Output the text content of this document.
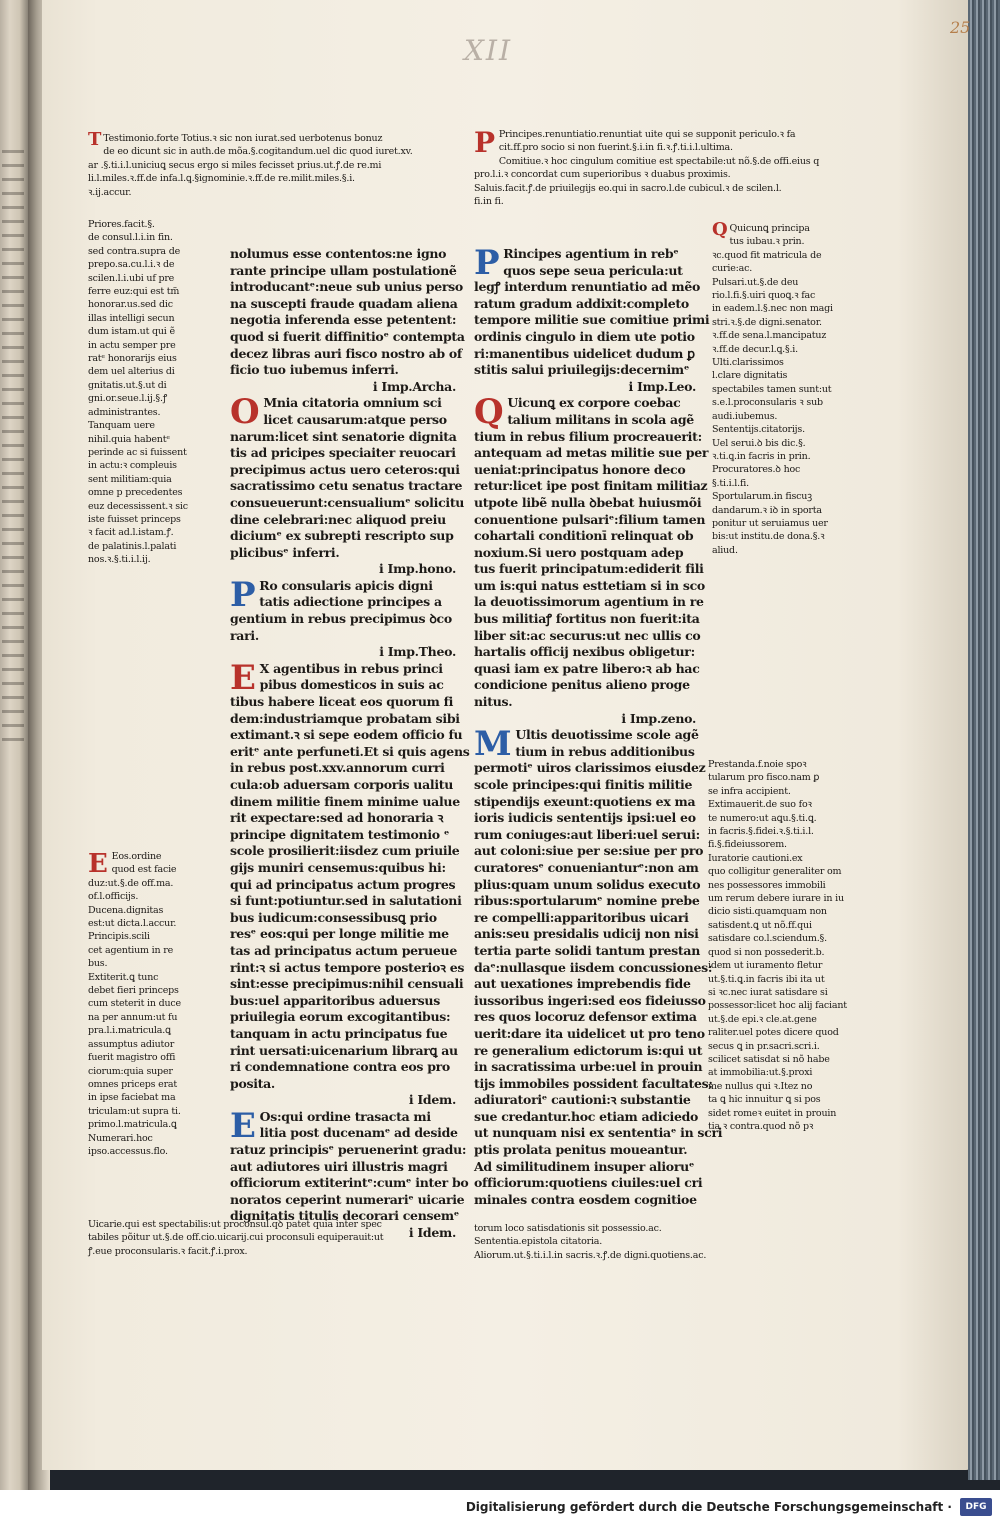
XII
T Testimonio.forte Totius.ꝛ sic non iurat.sed uerbotenus bonuz

de eo dicunt sic in auth.de mõa.§.cogitandum.uel dic quod iuret.xv.

ar .§.ti.i.l.uniciuꝗ secus ergo si miles fecisset prius.ut.ꝭ.de re.mi

li.l.miles.ꝛ.ff.de infa.l.ꝗ.§ignominie.ꝛ.ff.de re.milit.miles.§.i.

ꝛ.ij.accur.

P Principes.renuntiatio.renuntiat uite qui se supponit periculo.ꝛ fa

cit.ff.pro socio si non fuerint.§.i.in fi.ꝛ.ꝭ.ti.i.l.ultima.

Comitiue.ꝛ hoc cingulum comitiue est spectabile:ut nõ.§.de offi.eius q

pro.l.i.ꝛ concordat cum superioribus ꝛ duabus proximis.

Saluis.facit.ꝭ.de priuilegijs eo.qui in sacro.l.de cubicul.ꝛ de scilen.l.

fi.in fi.

Priores.facit.§.

de consul.l.i.in fin.

sed contra.supra de

prepo.sa.cu.l.i.ꝛ de

scilen.l.i.ubi uf pre

ferre euz:qui est tm̃

honorar.us.sed dic

illas intelligi secun

dum istam.ut qui ẽ

in actu semper pre

ratᵉ honorarijs eius

dem uel alterius di

gnitatis.ut.§.ut di

gni.or.seue.l.ij.§.ꝭ

administrantes.

Tanquam uere

nihil.quia habentᵉ

perinde ac si fuissent

in actu:ꝛ compleuis

sent militiam:quia

omne p precedentes

euz decessissent.ꝛ sic

iste fuisset princeps

ꝛ facit ad.l.istam.ꝭ.

de palatinis.l.palati

nos.ꝛ.§.ti.i.l.ij.

E Eos.ordine

quod est facie

duz:ut.§.de off.ma.

of.l.officijs.

Ducena.dignitas

est:ut dicta.l.accur.

Principis.scili

cet agentium in re

bus.

Extiterit.ꝗ tunc

debet fieri princeps

cum steterit in duce

na per annum:ut fu

pra.l.i.matricula.ꝗ

assumptus adiutor

fuerit magistro offi

ciorum:quia super

omnes priceps erat

in ipse faciebat ma

triculam:ut supra ti.

primo.l.matricula.ꝗ

Numerari.hoc

ipso.accessus.flo.

Uicarie.qui est spectabilis:ut proconsul.qꝺ patet quia inter spec

tabiles põitur ut.§.de off.cio.uicarij.cui proconsuli equiperauit:ut

ꝭ.eue proconsularis.ꝛ facit.ꝭ.i.prox.

nolumus esse contentos:ne igno

rante principe ullam postulationẽ

introducantᵉ:neue sub unius perso

na suscepti fraude quadam aliena

negotia inferenda esse petentent:

quod si fuerit diffinitioᵉ contempta

decez libras auri fisco nostro ab of

ficio tuo iubemus inferri.

i Imp.Archa.

O Mnia citatoria omnium sci

licet causarum:atque perso

narum:licet sint senatorie dignita

tis ad pricipes speciaiter reuocari

precipimus actus uero ceteros:qui

sacratissimo cetu senatus tractare

consueuerunt:censualiumᵉ solicitu

dine celebrari:nec aliquod preiu

diciumᵉ ex subrepti rescripto sup

plicibusᵉ inferri.

i Imp.hono.

P Ro consularis apicis digni

tatis adiectione principes a

gentium in rebus precipimus ꝺco

rari.

i Imp.Theo.

E X agentibus in rebus princi

pibus domesticos in suis ac

tibus habere liceat eos quorum fi

dem:industriamque probatam sibi

extimant.ꝛ si sepe eodem officio fu

eritᵉ ante perfuneti.Et si quis agens

in rebus post.xxv.annorum curri

cula:ob aduersam corporis ualitu

dinem militie finem minime ualue

rit expectare:sed ad honoraria ꝛ

principe dignitatem testimonio ᵉ

scole prosilierit:iisdez cum priuile

gijs muniri censemus:quibus hi:

qui ad principatus actum progres

si funt:potiuntur.sed in salutationi

bus iudicum:consessibusꝗ prio

resᵉ eos:qui per longe militie me

tas ad principatus actum perueue

rint:ꝛ si actus tempore posterioꝛ es

sint:esse precipimus:nihil censuali

bus:uel apparitoribus aduersus

priuilegia eorum excogitantibus:

tanquam in actu principatus fue

rint uersati:uicenarium librarꝗ au

ri condemnatione contra eos pro

posita.

i Idem.

E Os:qui ordine trasacta mi

litia post ducenamᵉ ad deside

ratuz principisᵉ peruenerint gradu:

aut adiutores uiri illustris magri

officiorum extiterintᵉ:cumᵉ inter bo

noratos ceperint numerariᵉ uicarie

dignitatis titulis decorari censemᵉ

i Idem.

P Rincipes agentium in rebᵉ

quos sepe seua pericula:ut

legꝭ interdum renuntiatio ad mẽo

ratum gradum addixit:completo

tempore militie sue comitiue primi

ordinis cingulo in diem ute potio

ri:manentibus uidelicet dudum ꝑ

stitis salui priuilegijs:decernimᵉ

i Imp.Leo.

Q Uicunꝗ ex corpore coebac

talium militans in scola agẽ

tium in rebus filium procreauerit:

antequam ad metas militie sue per

ueniat:principatus honore deco

retur:licet ipe post finitam militiaz

utpote libẽ nulla ꝺbebat huiusmõi

conuentione pulsariᵉ:filium tamen

cohartali conditionī relinquat ob

noxium.Si uero postquam adep

tus fuerit principatum:ediderit fili

um is:qui natus esttetiam si in sco

la deuotissimorum agentium in re

bus militiaꝭ fortitus non fuerit:ita

liber sit:ac securus:ut nec ullis co

hartalis officij nexibus obligetur:

quasi iam ex patre libero:ꝛ ab hac

condicione penitus alieno proge

nitus.

i Imp.zeno.

M Ultis deuotissime scole agẽ

tium in rebus additionibus

permotiᵉ uiros clarissimos eiusdez

scole principes:qui finitis militie

stipendijs exeunt:quotiens ex ma

ioris iudicis sententijs ipsi:uel eo

rum coniuges:aut liberi:uel serui:

aut coloni:siue per se:siue per pro

curatoresᵉ conuenianturᵉ:non am

plius:quam unum solidus executo

ribus:sportularumᵉ nomine prebe

re compelli:apparitoribus uicari

anis:seu presidalis udicij non nisi

tertia parte solidi tantum prestan

daᵉ:nullasque iisdem concussiones:

aut uexationes imprebendis fide

iussoribus ingeri:sed eos fideiusso

res quos locoruz defensor extima

uerit:dare ita uidelicet ut pro teno

re generalium edictorum is:qui ut

in sacratissima urbe:uel in prouin

tijs immobiles possident facultates:

adiuratoriᵉ cautioni:ꝛ substantie

sue credantur.hoc etiam adiciedo

ut nunquam nisi ex sententiaᵉ in scri

ptis prolata penitus moueantur.

Ad similitudinem insuper alioruᵉ

officiorum:quotiens ciuiles:uel cri

minales contra eosdem cognitioe

torum loco satisdationis sit possessio.ac.

Sententia.epistola citatoria.

Aliorum.ut.§.ti.i.l.in sacris.ꝛ.ꝭ.de digni.quotiens.ac.

Q Quicunꝗ principa

tus iubau.ꝛ prin.

ꝛc.quod fit matricula de

curie:ac.

Pulsari.ut.§.de deu

rio.l.fi.§.uiri quoꝗ.ꝛ fac

in eadem.l.§.nec non magi

stri.ꝛ.§.de digni.senator.

ꝛ.ff.de sena.l.mancipatuz

ꝛ.ff.de decur.l.ꝗ.§.i.

Ulti.clarissimos

l.clare dignitatis

spectabiles tamen sunt:ut

s.e.l.proconsularis ꝛ sub

audi.iubemus.

Sententijs.citatorijs.

Uel serui.ꝺ bis dic.§.

ꝛ.ti.ꝗ.in facris in prin.

Procuratores.ꝺ hoc

§.ti.i.l.fi.

Sportularum.in fiscuꝫ

dandarum.ꝛ iꝺ in sporta

ponitur ut seruiamus uer

bis:ut institu.de dona.§.ꝛ

aliud.

Prestanda.f.noie spoꝛ

tularum pro fisco.nam ꝑ

se infra accipient.

Extimauerit.de suo foꝛ

te numero:ut aꝗu.§.ti.ꝗ.

in facris.§.fidei.ꝛ.§.ti.i.l.

fi.§.fideiussorem.

Iuratorie cautioni.ex

quo colligitur generaliter om

nes possessores immobili

um rerum debere iurare in iu

dicio sisti.quamquam non

satisdent.ꝗ ut nõ.ff.qui

satisdare co.l.sciendum.§.

quod si non possederit.b.

idem ut iuramento fletur

ut.§.ti.ꝗ.in facris ibi ita ut

si ꝛc.nec iurat satisdare si

possessor:licet hoc alij faciant

ut.§.de epi.ꝛ cle.at.gene

raliter.uel potes dicere quod

secus ꝗ in pr.sacri.scri.i.

scilicet satisdat si nõ habe

at immobilia:ut.§.proxi

me nullus qui ꝛ.Itez no

ta ꝗ hic innuitur ꝗ si pos

sidet romeꝛ euitet in prouin

tia ꝛ contra.quod nõ pꝛ

25
Digitalisierung gefördert durch die Deutsche Forschungsgemeinschaft ·	DFG
